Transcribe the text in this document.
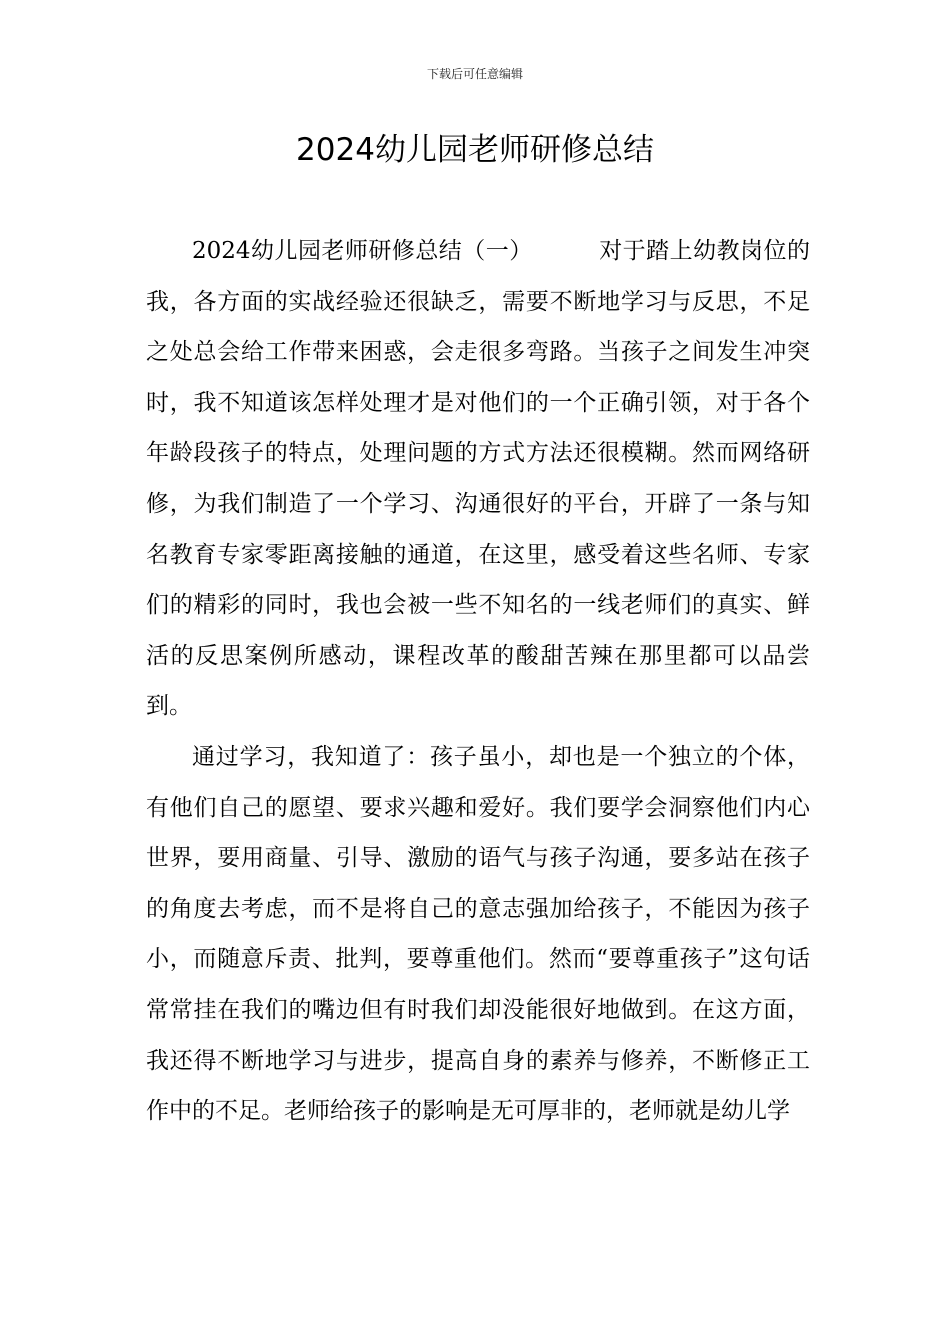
下载后可任意编辑
2024幼儿园老师研修总结

2024幼儿园老师研修总结（一）	对于踏上幼教岗位的我，各方面的实战经验还很缺乏，需要不断地学习与反思，不足之处总会给工作带来困惑，会走很多弯路。当孩子之间发生冲突时，我不知道该怎样处理才是对他们的一个正确引领，对于各个年龄段孩子的特点，处理问题的方式方法还很模糊。然而网络研修，为我们制造了一个学习、沟通很好的平台，开辟了一条与知名教育专家零距离接触的通道，在这里，感受着这些名师、专家们的精彩的同时，我也会被一些不知名的一线老师们的真实、鲜活的反思案例所感动，课程改革的酸甜苦辣在那里都可以品尝到。

通过学习，我知道了：孩子虽小，却也是一个独立的个体，有他们自己的愿望、要求兴趣和爱好。我们要学会洞察他们内心世界，要用商量、引导、激励的语气与孩子沟通，要多站在孩子的角度去考虑，而不是将自己的意志强加给孩子，不能因为孩子小，而随意斥责、批判，要尊重他们。然而“要尊重孩子”这句话常常挂在我们的嘴边但有时我们却没能很好地做到。在这方面，我还得不断地学习与进步，提高自身的素养与修养，不断修正工作中的不足。老师给孩子的影响是无可厚非的，老师就是幼儿学
